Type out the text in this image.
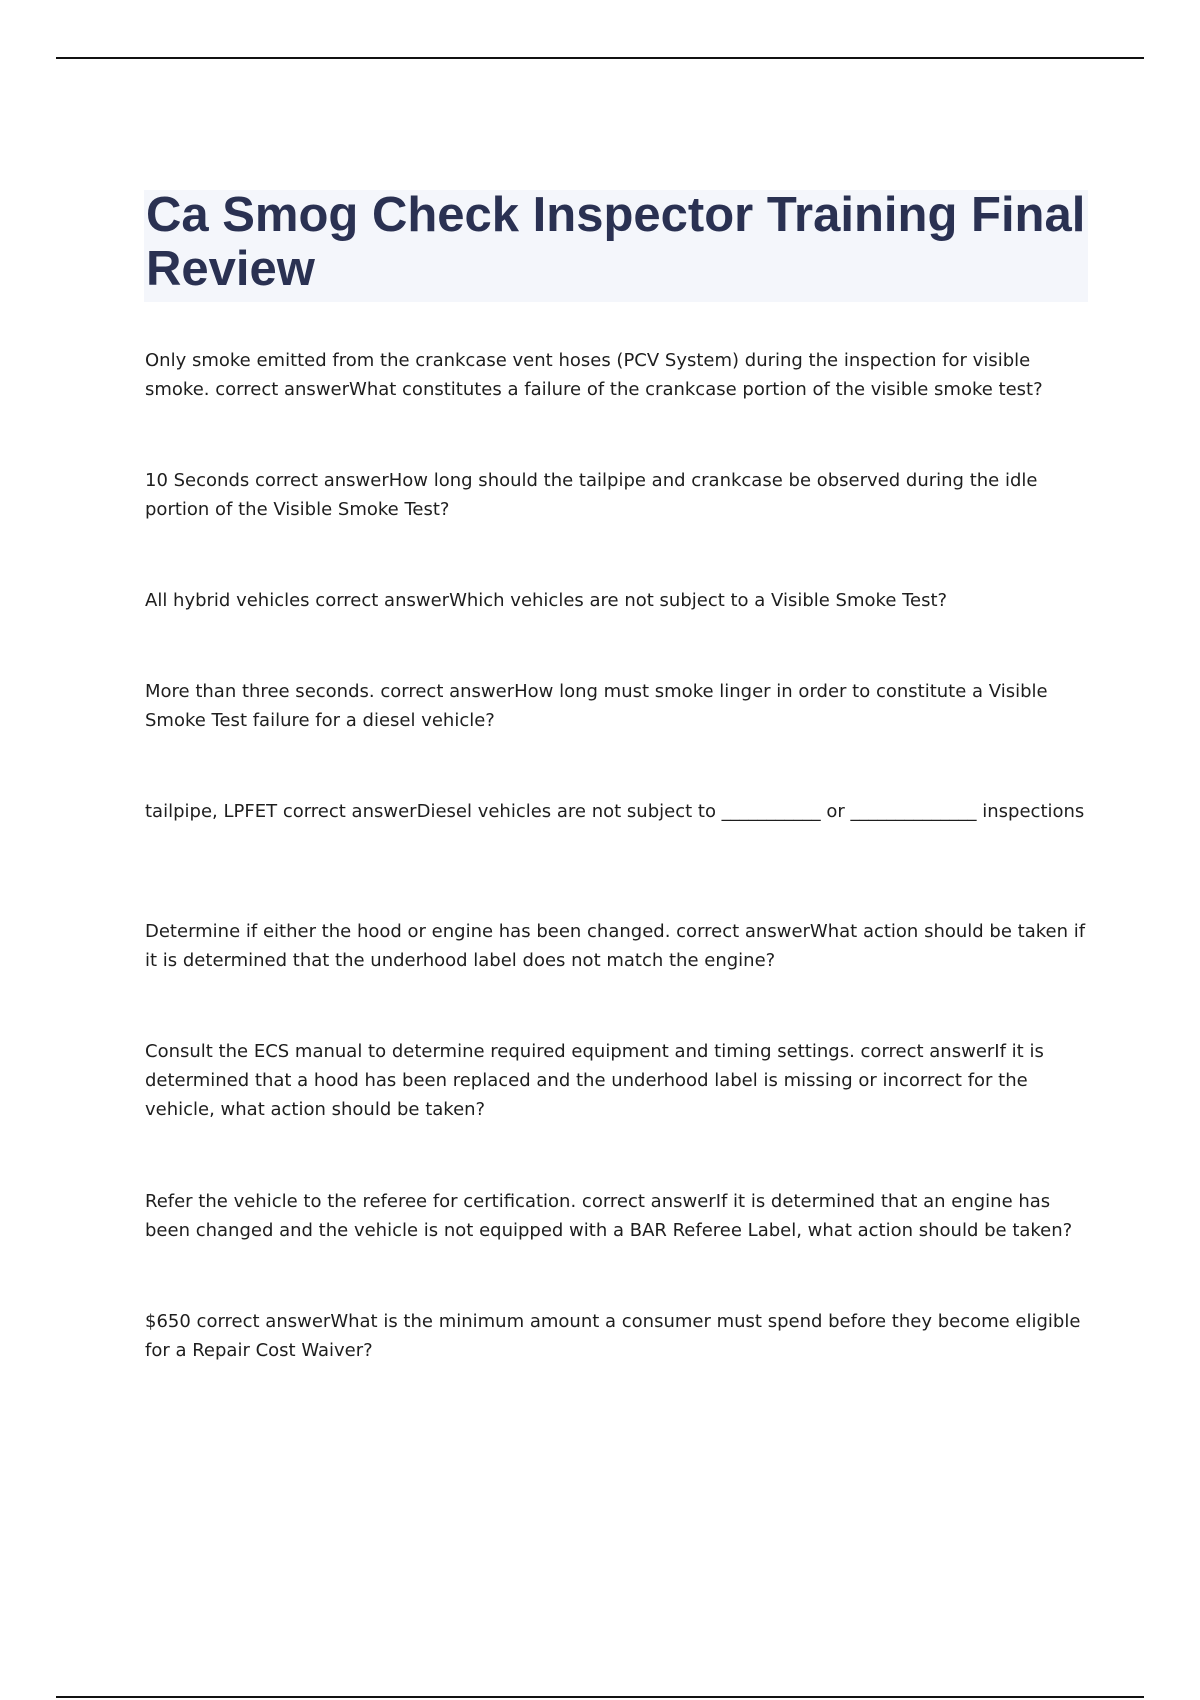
Ca Smog Check Inspector Training Final Review
Only smoke emitted from the crankcase vent hoses (PCV System) during the inspection for visible smoke. correct answerWhat constitutes a failure of the crankcase portion of the visible smoke test?
10 Seconds correct answerHow long should the tailpipe and crankcase be observed during the idle portion of the Visible Smoke Test?
All hybrid vehicles correct answerWhich vehicles are not subject to a Visible Smoke Test?
More than three seconds. correct answerHow long must smoke linger in order to constitute a Visible Smoke Test failure for a diesel vehicle?
tailpipe, LPFET correct answerDiesel vehicles are not subject to ___________ or ______________ inspections
Determine if either the hood or engine has been changed. correct answerWhat action should be taken if it is determined that the underhood label does not match the engine?
Consult the ECS manual to determine required equipment and timing settings. correct answerIf it is determined that a hood has been replaced and the underhood label is missing or incorrect for the vehicle, what action should be taken?
Refer the vehicle to the referee for certification. correct answerIf it is determined that an engine has been changed and the vehicle is not equipped with a BAR Referee Label, what action should be taken?
$650 correct answerWhat is the minimum amount a consumer must spend before they become eligible for a Repair Cost Waiver?
